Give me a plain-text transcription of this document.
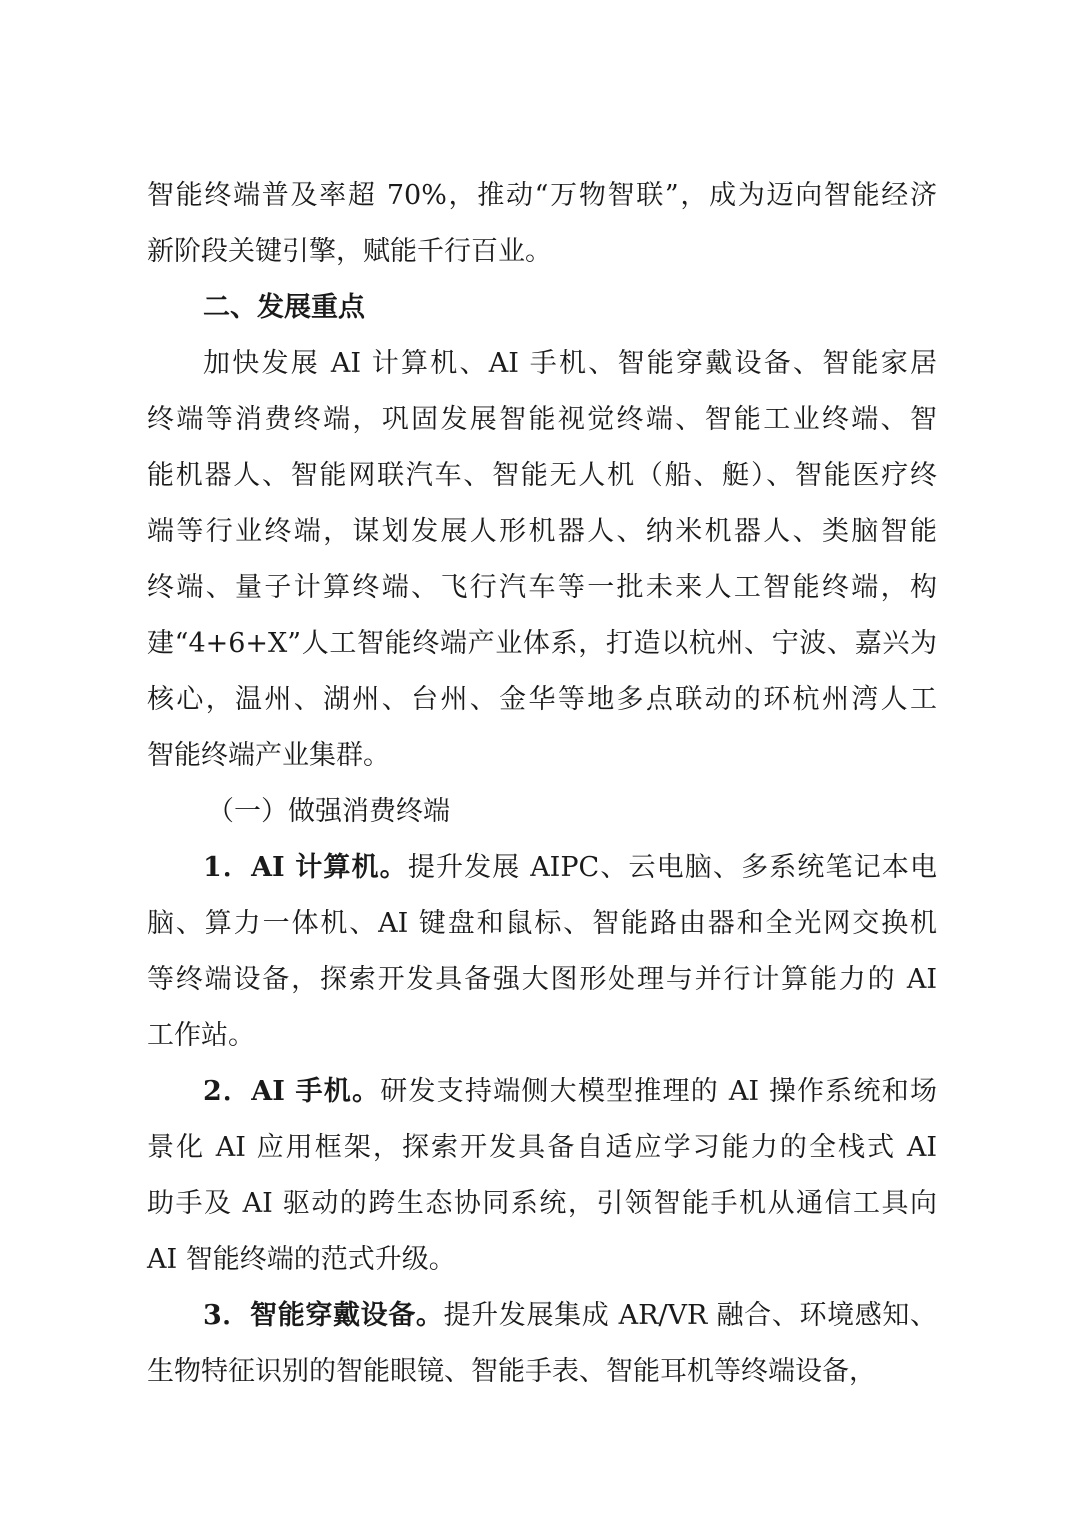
智能终端普及率超 70%，推动“万物智联”，成为迈向智能经济
新阶段关键引擎，赋能千行百业。
二、发展重点
加快发展 AI 计算机、AI 手机、智能穿戴设备、智能家居
终端等消费终端，巩固发展智能视觉终端、智能工业终端、智
能机器人、智能网联汽车、智能无人机（船、艇）、智能医疗终
端等行业终端，谋划发展人形机器人、纳米机器人、类脑智能
终端、量子计算终端、飞行汽车等一批未来人工智能终端，构
建“4+6+X”人工智能终端产业体系，打造以杭州、宁波、嘉兴为
核心，温州、湖州、台州、金华等地多点联动的环杭州湾人工
智能终端产业集群。
（一）做强消费终端
1．AI 计算机。提升发展 AIPC、云电脑、多系统笔记本电
脑、算力一体机、AI 键盘和鼠标、智能路由器和全光网交换机
等终端设备，探索开发具备强大图形处理与并行计算能力的 AI
工作站。
2．AI 手机。研发支持端侧大模型推理的 AI 操作系统和场
景化 AI 应用框架，探索开发具备自适应学习能力的全栈式 AI
助手及 AI 驱动的跨生态协同系统，引领智能手机从通信工具向
AI 智能终端的范式升级。
3．智能穿戴设备。提升发展集成 AR/VR 融合、环境感知、
生物特征识别的智能眼镜、智能手表、智能耳机等终端设备，
